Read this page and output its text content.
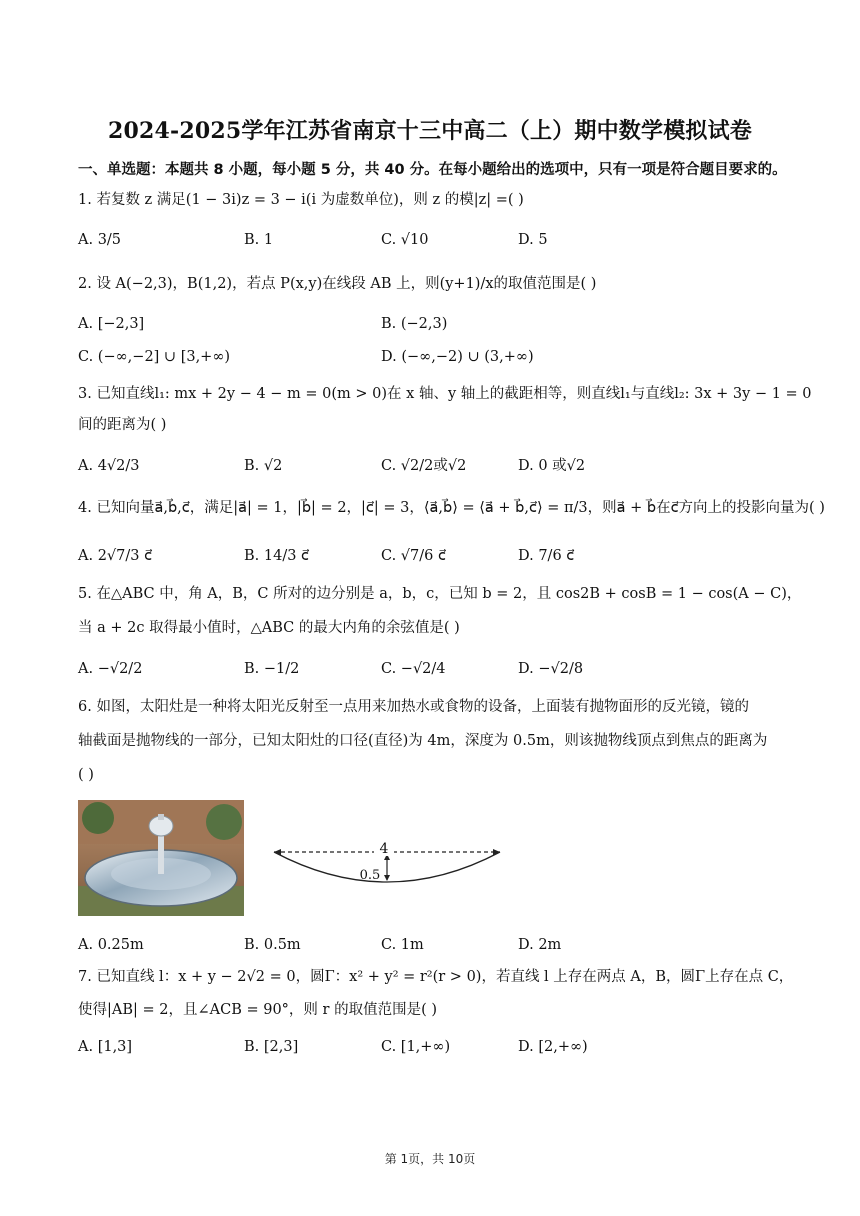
2024-2025学年江苏省南京十三中高二（上）期中数学模拟试卷
一、单选题：本题共 8 小题，每小题 5 分，共 40 分。在每小题给出的选项中，只有一项是符合题目要求的。
1. 若复数 z 满足(1 − 3i)z = 3 − i(i 为虚数单位)，则 z 的模|z| =( )
A. 3/5	B. 1	C. √10	D. 5
2. 设 A(−2,3)，B(1,2)，若点 P(x,y)在线段 AB 上，则(y+1)/x的取值范围是( )
A. [−2,3]	B. (−2,3)
C. (−∞,−2] ∪ [3,+∞)	D. (−∞,−2) ∪ (3,+∞)
3. 已知直线l₁: mx + 2y − 4 − m = 0(m > 0)在 x 轴、y 轴上的截距相等，则直线l₁与直线l₂: 3x + 3y − 1 = 0
间的距离为( )
A. 4√2/3	B. √2	C. √2/2或√2	D. 0 或√2
4. 已知向量a⃗,b⃗,c⃗，满足|a⃗| = 1，|b⃗| = 2，|c⃗| = 3，⟨a⃗,b⃗⟩ = ⟨a⃗ + b⃗,c⃗⟩ = π/3，则a⃗ + b⃗在c⃗方向上的投影向量为( )
A. 2√7/3 c⃗	B. 14/3 c⃗	C. √7/6 c⃗	D. 7/6 c⃗
5. 在△ABC 中，角 A，B，C 所对的边分别是 a，b，c，已知 b = 2，且 cos2B + cosB = 1 − cos(A − C)，
当 a + 2c 取得最小值时，△ABC 的最大内角的余弦值是( )
A. −√2/2	B. −1/2	C. −√2/4	D. −√2/8
6. 如图，太阳灶是一种将太阳光反射至一点用来加热水或食物的设备，上面装有抛物面形的反光镜，镜的
轴截面是抛物线的一部分，已知太阳灶的口径(直径)为 4m，深度为 0.5m，则该抛物线顶点到焦点的距离为
( )
4
0.5
A. 0.25m	B. 0.5m	C. 1m	D. 2m
7. 已知直线 l：x + y − 2√2 = 0，圆Γ：x² + y² = r²(r > 0)，若直线 l 上存在两点 A，B，圆Γ上存在点 C，
使得|AB| = 2，且∠ACB = 90°，则 r 的取值范围是( )
A. [1,3]	B. [2,3]	C. [1,+∞)	D. [2,+∞)
第 1页，共 10页
